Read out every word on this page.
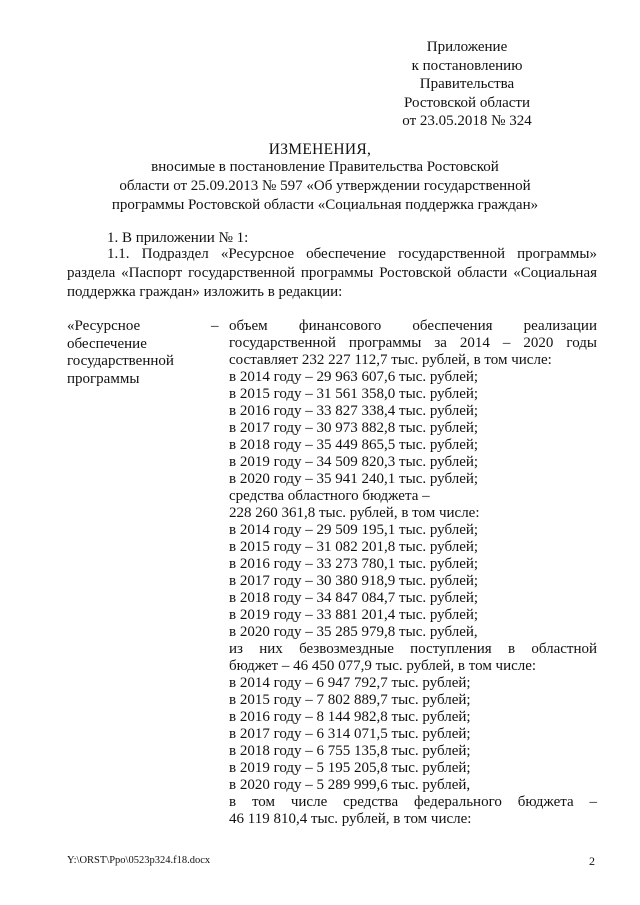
Приложение
к постановлению
Правительства
Ростовской области
от 23.05.2018 № 324
ИЗМЕНЕНИЯ,
вносимые в постановление Правительства Ростовской
области от 25.09.2013 № 597 «Об утверждении государственной
программы Ростовской области «Социальная поддержка граждан»
1. В приложении № 1:
1.1. Подраздел «Ресурсное обеспечение государственной программы»
раздела «Паспорт государственной программы Ростовской области «Социальная
поддержка граждан» изложить в редакции:
«Ресурсное
обеспечение
государственной
программы
– объем финансового обеспечения реализации
государственной программы за 2014 – 2020 годы
составляет 232 227 112,7 тыс. рублей, в том числе:
в 2014 году – 29 963 607,6 тыс. рублей;
в 2015 году – 31 561 358,0 тыс. рублей;
в 2016 году – 33 827 338,4 тыс. рублей;
в 2017 году – 30 973 882,8 тыс. рублей;
в 2018 году – 35 449 865,5 тыс. рублей;
в 2019 году – 34 509 820,3 тыс. рублей;
в 2020 году – 35 941 240,1 тыс. рублей;
средства областного бюджета –
228 260 361,8 тыс. рублей, в том числе:
в 2014 году – 29 509 195,1 тыс. рублей;
в 2015 году – 31 082 201,8 тыс. рублей;
в 2016 году – 33 273 780,1 тыс. рублей;
в 2017 году – 30 380 918,9 тыс. рублей;
в 2018 году – 34 847 084,7 тыс. рублей;
в 2019 году – 33 881 201,4 тыс. рублей;
в 2020 году – 35 285 979,8 тыс. рублей,
из них безвозмездные поступления в областной
бюджет – 46 450 077,9 тыс. рублей, в том числе:
в 2014 году – 6 947 792,7 тыс. рублей;
в 2015 году – 7 802 889,7 тыс. рублей;
в 2016 году – 8 144 982,8 тыс. рублей;
в 2017 году – 6 314 071,5 тыс. рублей;
в 2018 году – 6 755 135,8 тыс. рублей;
в 2019 году – 5 195 205,8 тыс. рублей;
в 2020 году – 5 289 999,6 тыс. рублей,
в том числе средства федерального бюджета –
46 119 810,4 тыс. рублей, в том числе:
Y:\ORST\Ppo\0523p324.f18.docx	2
